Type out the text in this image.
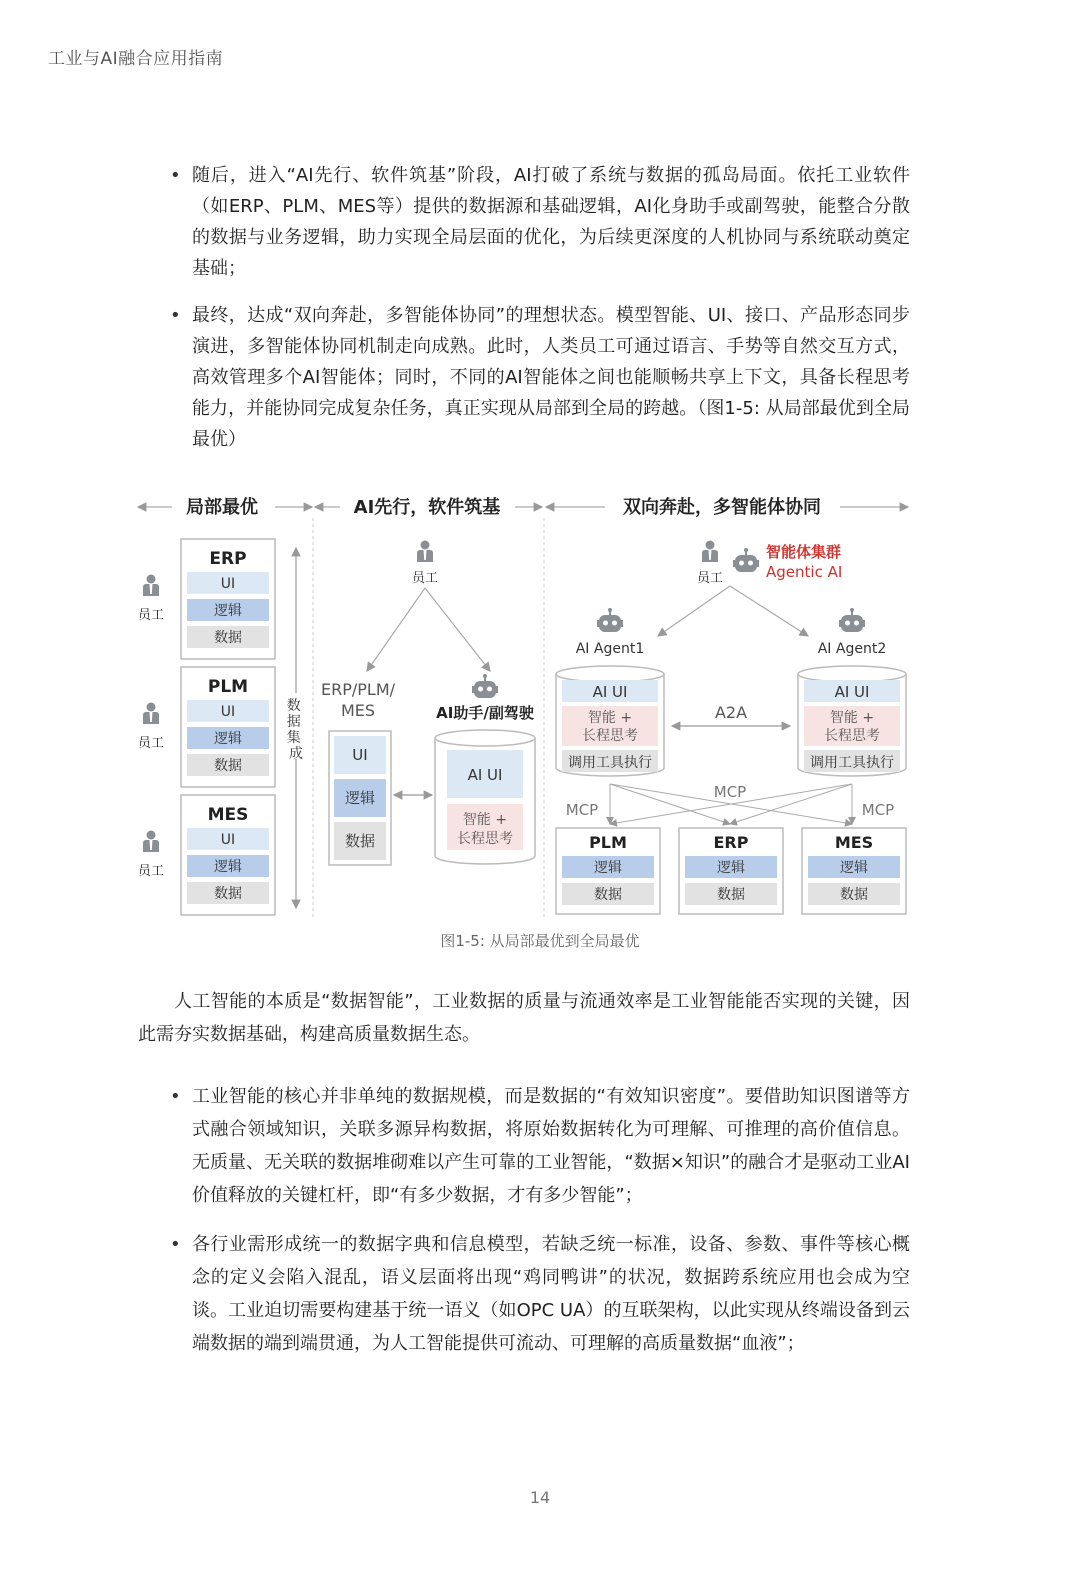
工业与AI融合应用指南
• 随后，进入“AI先行、软件筑基”阶段，AI打破了系统与数据的孤岛局面。依托工业软件（如ERP、PLM、MES等）提供的数据源和基础逻辑，AI化身助手或副驾驶，能整合分散的数据与业务逻辑，助力实现全局层面的优化，为后续更深度的人机协同与系统联动奠定基础；
• 最终，达成“双向奔赴，多智能体协同”的理想状态。模型智能、UI、接口、产品形态同步演进，多智能体协同机制走向成熟。此时，人类员工可通过语言、手势等自然交互方式，高效管理多个AI智能体；同时，不同的AI智能体之间也能顺畅共享上下文，具备长程思考能力，并能协同完成复杂任务，真正实现从局部到全局的跨越。（图1-5: 从局部最优到全局最优）
局部最优	AI先行，软件筑基	双向奔赴，多智能体协同
员工
员工
员工
ERP
UI
逻辑
数据
PLM
UI
逻辑
数据
MES
UI
逻辑
数据
数 据 集 成
员工
ERP/PLM/
MES
UI
逻辑
数据
AI助手/副驾驶
AI UI
智能 +
长程思考
员工
智能体集群
Agentic AI
AI Agent1	AI Agent2
AI UI
智能 +
长程思考
调用工具执行
AI UI
智能 +
长程思考
调用工具执行
A2A
MCP
MCP
MCP
PLM
逻辑
数据
ERP
逻辑
数据
MES
逻辑
数据
图1-5: 从局部最优到全局最优
人工智能的本质是“数据智能”，工业数据的质量与流通效率是工业智能能否实现的关键，因此需夯实数据基础，构建高质量数据生态。
• 工业智能的核心并非单纯的数据规模，而是数据的“有效知识密度”。要借助知识图谱等方式融合领域知识，关联多源异构数据，将原始数据转化为可理解、可推理的高价值信息。无质量、无关联的数据堆砌难以产生可靠的工业智能，“数据×知识”的融合才是驱动工业AI价值释放的关键杠杆，即“有多少数据，才有多少智能”；
• 各行业需形成统一的数据字典和信息模型，若缺乏统一标准，设备、参数、事件等核心概念的定义会陷入混乱，语义层面将出现“鸡同鸭讲”的状况，数据跨系统应用也会成为空谈。工业迫切需要构建基于统一语义（如OPC UA）的互联架构，以此实现从终端设备到云端数据的端到端贯通，为人工智能提供可流动、可理解的高质量数据“血液”；
14
